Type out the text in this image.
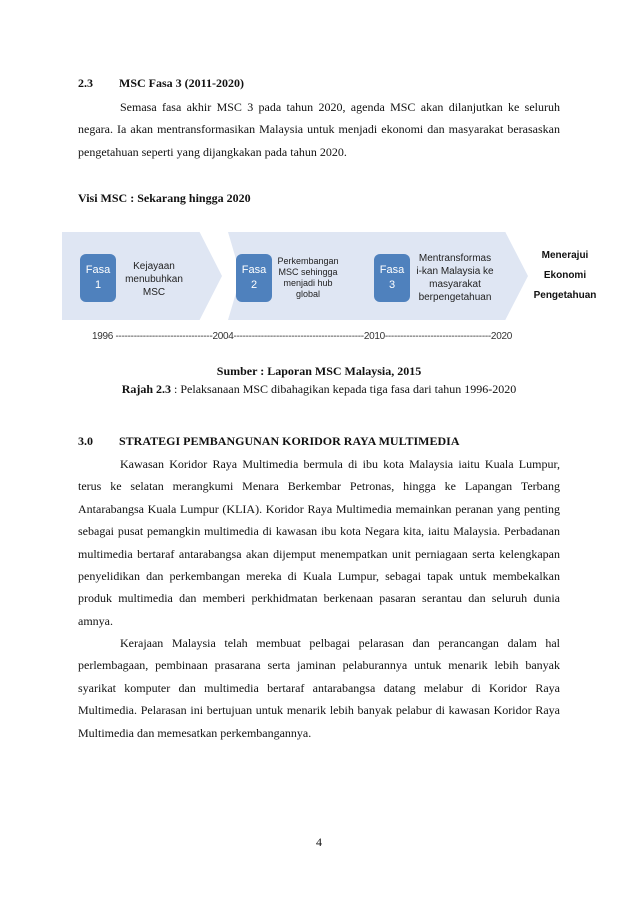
2.3 MSC Fasa 3 (2011-2020)
Semasa fasa akhir MSC 3 pada tahun 2020, agenda MSC akan dilanjutkan ke seluruh negara. Ia akan mentransformasikan Malaysia untuk menjadi ekonomi dan masyarakat berasaskan pengetahuan seperti yang dijangkakan pada tahun 2020.
Visi MSC : Sekarang hingga 2020
Fasa
1
Kejayaan menubuhkan MSC
Fasa
2
Perkembangan MSC sehingga menjadi hub global
Fasa
3
Mentransformas i-kan Malaysia ke masyarakat berpengetahuan
Menerajui Ekonomi Pengetahuan
1996 --------------------------------2004-------------------------------------------2010-----------------------------------2020
Sumber : Laporan MSC Malaysia, 2015
Rajah 2.3 : Pelaksanaan MSC dibahagikan kepada tiga fasa dari tahun 1996-2020
3.0 STRATEGI PEMBANGUNAN KORIDOR RAYA MULTIMEDIA
Kawasan Koridor Raya Multimedia bermula di ibu kota Malaysia iaitu Kuala Lumpur, terus ke selatan merangkumi Menara Berkembar Petronas, hingga ke Lapangan Terbang Antarabangsa Kuala Lumpur (KLIA). Koridor Raya Multimedia memainkan peranan yang penting sebagai pusat pemangkin multimedia di kawasan ibu kota Negara kita, iaitu Malaysia. Perbadanan multimedia bertaraf antarabangsa akan dijemput menempatkan unit perniagaan serta kelengkapan penyelidikan dan perkembangan mereka di Kuala Lumpur, sebagai tapak untuk membekalkan produk multimedia dan memberi perkhidmatan berkenaan pasaran serantau dan seluruh dunia amnya.
Kerajaan Malaysia telah membuat pelbagai pelarasan dan perancangan dalam hal perlembagaan, pembinaan prasarana serta jaminan pelaburannya untuk menarik lebih banyak syarikat komputer dan multimedia bertaraf antarabangsa datang melabur di Koridor Raya Multimedia. Pelarasan ini bertujuan untuk menarik lebih banyak pelabur di kawasan Koridor Raya Multimedia dan memesatkan perkembangannya.
4
